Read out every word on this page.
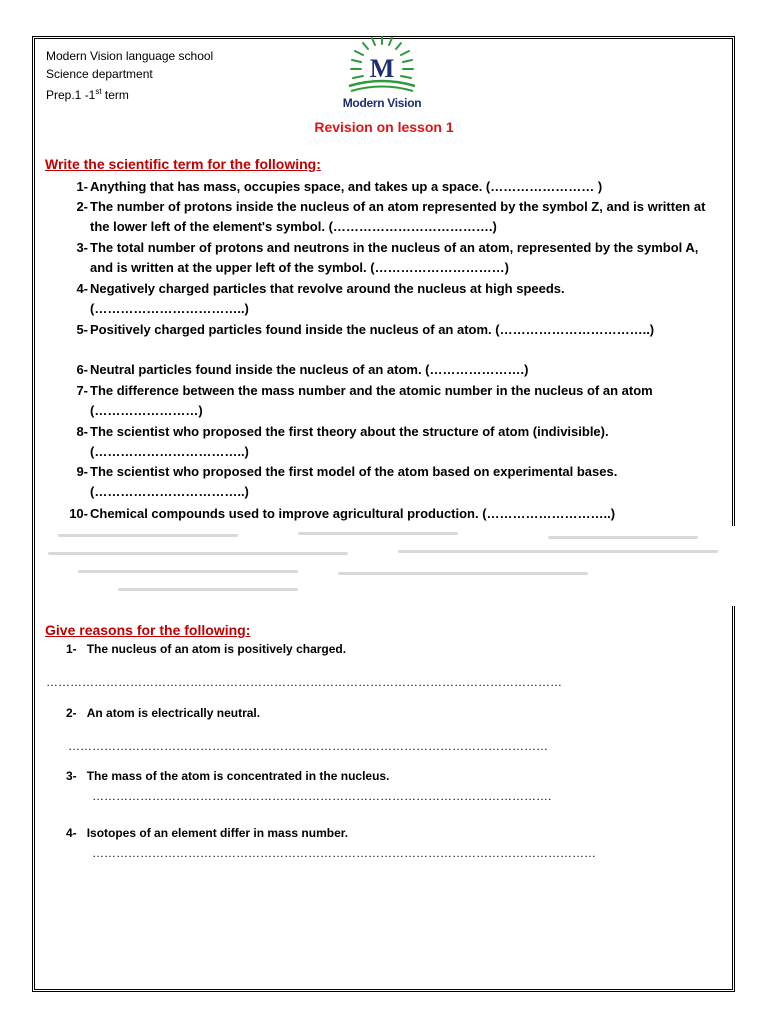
Modern Vision language school
Science department
Prep.1 -1st term
M
Modern Vision
Revision on lesson 1
Write the scientific term for the following:
1- Anything that has mass, occupies space, and takes up a space. (…………………… )
2- The number of protons inside the nucleus of an atom represented by the symbol Z, and is written at the lower left of the element's symbol. (……………………………….)
3- The total number of protons and neutrons in the nucleus of an atom, represented by the symbol A, and is written at the upper left of the symbol. (…………………………)
4- Negatively charged particles that revolve around the nucleus at high speeds. (……………………………..)
5- Positively charged particles found inside the nucleus of an atom. (……………………………..)
6- Neutral particles found inside the nucleus of an atom. (………………….)
7- The difference between the mass number and the atomic number in the nucleus of an atom (……………………)
8- The scientist who proposed the first theory about the structure of atom (indivisible). (……………………………..)
9- The scientist who proposed the first model of the atom based on experimental bases. (……………………………..)
10- Chemical compounds used to improve agricultural production. (………………………..)
Give reasons for the following:
1- The nucleus of an atom is positively charged.
…………………………………………………………………………………………………………………
2- An atom is electrically neutral.
…………………………………………………………………………………………………………
3- The mass of the atom is concentrated in the nucleus.
…………………………………………………………………………………………………….
4- Isotopes of an element differ in mass number.
………………………………………………………………………………………………………………
